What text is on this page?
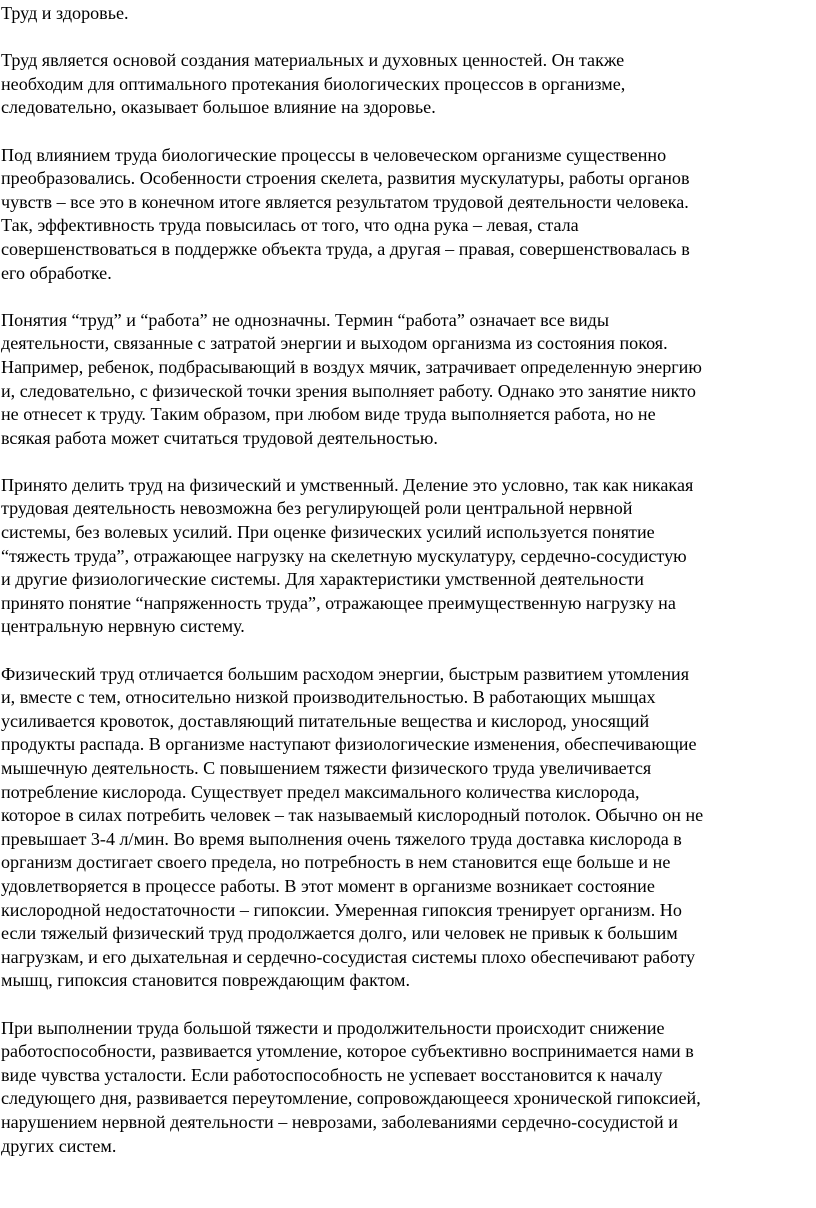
Труд и здоровье.

Труд является основой создания материальных и духовных ценностей. Он также
необходим для оптимального протекания биологических процессов в организме,
следовательно, оказывает большое влияние на здоровье.

Под влиянием труда биологические процессы в человеческом организме существенно
преобразовались. Особенности строения скелета, развития мускулатуры, работы органов
чувств – все это в конечном итоге является результатом трудовой деятельности человека.
Так, эффективность труда повысилась от того, что одна рука – левая, стала
совершенствоваться в поддержке объекта труда, а другая – правая, совершенствовалась в
его обработке.

Понятия “труд” и “работа” не однозначны. Термин “работа” означает все виды
деятельности, связанные с затратой энергии и выходом организма из состояния покоя.
Например, ребенок, подбрасывающий в воздух мячик, затрачивает определенную энергию
и, следовательно, с физической точки зрения выполняет работу. Однако это занятие никто
не отнесет к труду. Таким образом, при любом виде труда выполняется работа, но не
всякая работа может считаться трудовой деятельностью.

Принято делить труд на физический и умственный. Деление это условно, так как никакая
трудовая деятельность невозможна без регулирующей роли центральной нервной
системы, без волевых усилий. При оценке физических усилий используется понятие
“тяжесть труда”, отражающее нагрузку на скелетную мускулатуру, сердечно-сосудистую
и другие физиологические системы. Для характеристики умственной деятельности
принято понятие “напряженность труда”, отражающее преимущественную нагрузку на
центральную нервную систему.

Физический труд отличается большим расходом энергии, быстрым развитием утомления
и, вместе с тем, относительно низкой производительностью. В работающих мышцах
усиливается кровоток, доставляющий питательные вещества и кислород, уносящий
продукты распада. В организме наступают физиологические изменения, обеспечивающие
мышечную деятельность. С повышением тяжести физического труда увеличивается
потребление кислорода. Существует предел максимального количества кислорода,
которое в силах потребить человек – так называемый кислородный потолок. Обычно он не
превышает 3-4 л/мин. Во время выполнения очень тяжелого труда доставка кислорода в
организм достигает своего предела, но потребность в нем становится еще больше и не
удовлетворяется в процессе работы. В этот момент в организме возникает состояние
кислородной недостаточности – гипоксии. Умеренная гипоксия тренирует организм. Но
если тяжелый физический труд продолжается долго, или человек не привык к большим
нагрузкам, и его дыхательная и сердечно-сосудистая системы плохо обеспечивают работу
мышц, гипоксия становится повреждающим фактом.

При выполнении труда большой тяжести и продолжительности происходит снижение
работоспособности, развивается утомление, которое субъективно воспринимается нами в
виде чувства усталости. Если работоспособность не успевает восстановится к началу
следующего дня, развивается переутомление, сопровождающееся хронической гипоксией,
нарушением нервной деятельности – неврозами, заболеваниями сердечно-сосудистой и
других систем.
